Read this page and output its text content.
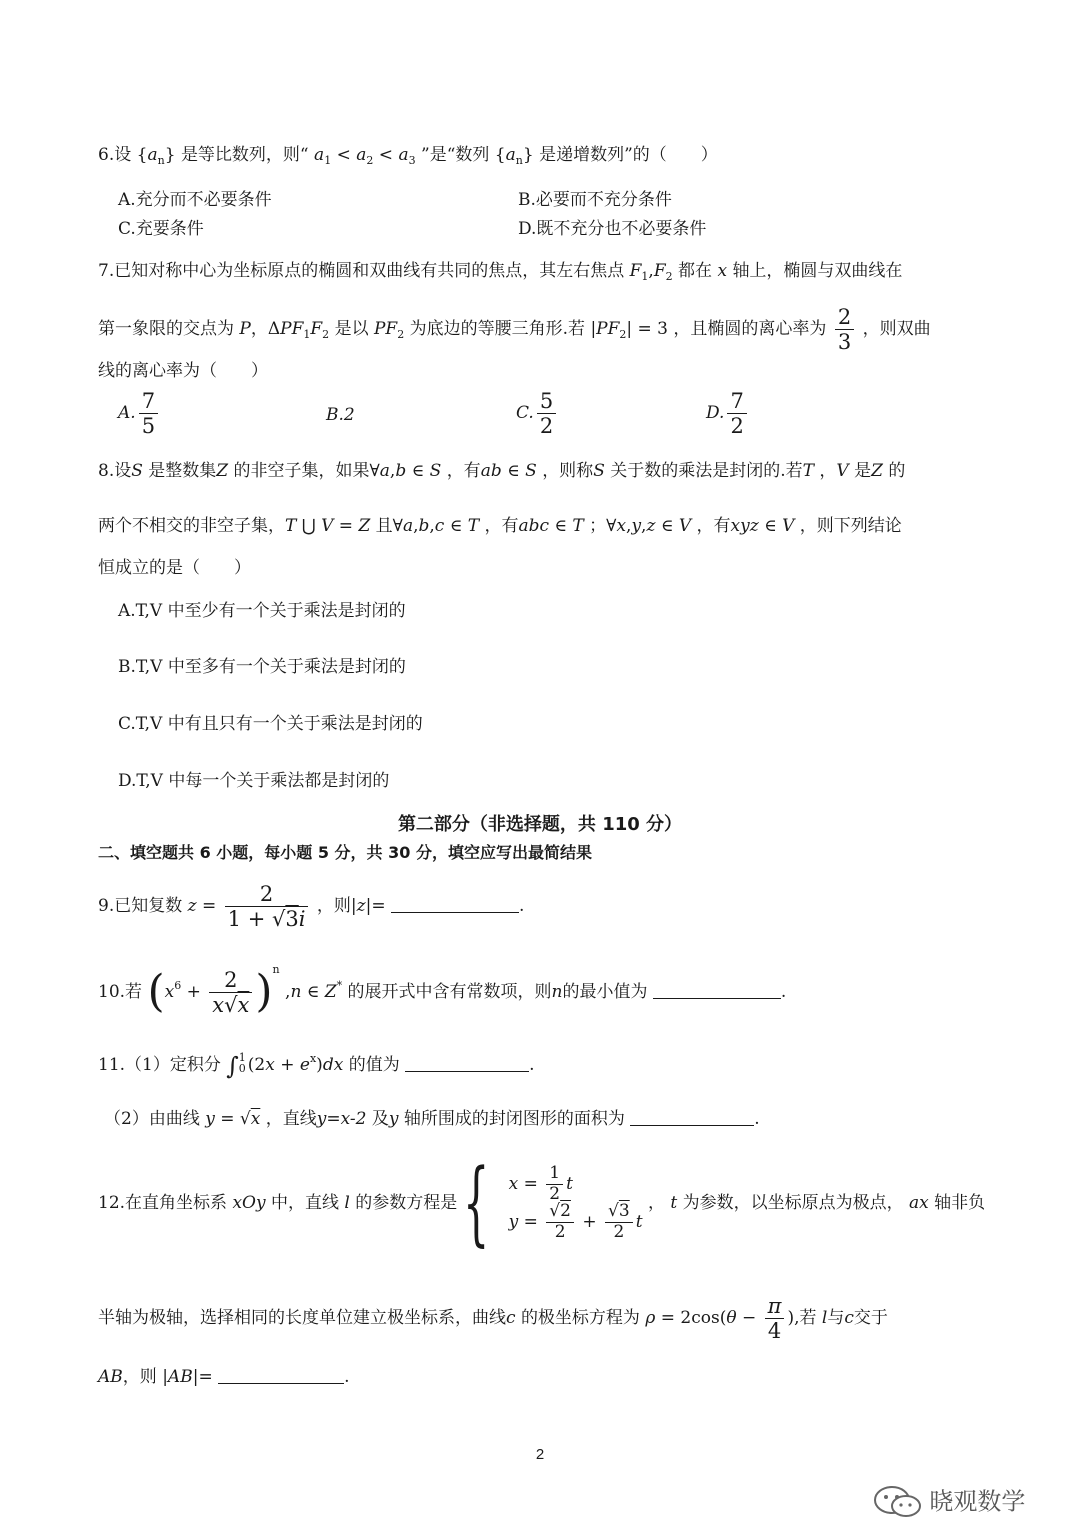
6.设 $\{a_n\}$ 是等比数列，则“ $a_1 < a_2 < a_3$ ”是“数列 $\{a_n\}$ 是递增数列”的（　　）
A.充分而不必要条件	B.必要而不充分条件
C.充要条件	D.既不充分也不必要条件
7.已知对称中心为坐标原点的椭圆和双曲线有共同的焦点，其左右焦点 $F_1,F_2$ 都在 x 轴上，椭圆与双曲线在
第一象限的交点为 P，$\Delta PF_1F_2$ 是以 $PF_2$ 为底边的等腰三角形.若 $|PF_2| = 3$ ，且椭圆的离心率为 $\frac{2}{3}$ ，则双曲
线的离心率为（　　）
A. $\frac{7}{5}$	B.2	C. $\frac{5}{2}$	D. $\frac{7}{2}$
8.设S 是整数集Z 的非空子集，如果∀a,b ∈ S ，有ab ∈ S ，则称S 关于数的乘法是封闭的.若T ，V 是Z 的
两个不相交的非空子集，T ⋃ V = Z 且∀a,b,c ∈ T ，有abc ∈ T ；∀x,y,z ∈ V ，有xyz ∈ V ，则下列结论
恒成立的是（　　）
A.T,V 中至少有一个关于乘法是封闭的
B.T,V 中至多有一个关于乘法是封闭的
C.T,V 中有且只有一个关于乘法是封闭的
D.T,V 中每一个关于乘法都是封闭的
第二部分（非选择题，共 110 分）
二、填空题共 6 小题，每小题 5 分，共 30 分，填空应写出最简结果
9.已知复数 $z = \frac{2}{1 + √3i}$ ，则|z|=	.
10.若 $(x^6 + \frac{2}{x√x} )^n$ ,n ∈ Z* 的展开式中含有常数项，则n的最小值为	.
11.（1）定积分 ∫ 1
0 $(2x + e^x)dx$ 的值为	.
（2）由曲线 y = √x ，直线y=x-2 及y 轴所围成的封闭图形的面积为	.
12.在直角坐标系 xOy 中，直线 l 的参数方程是 { $x = \frac{1}{2}$ t
$y = \frac{√2}{2} + \frac{√3}{2}$ t
， t 为参数，以坐标原点为极点， ax 轴非负
半轴为极轴，选择相同的长度单位建立极坐标系，曲线c 的极坐标方程为 $\rho = 2\cos(\theta - \frac{\pi}{4}$ ),若 l与c交于
AB，则 |AB|=	.
2
晓观数学
